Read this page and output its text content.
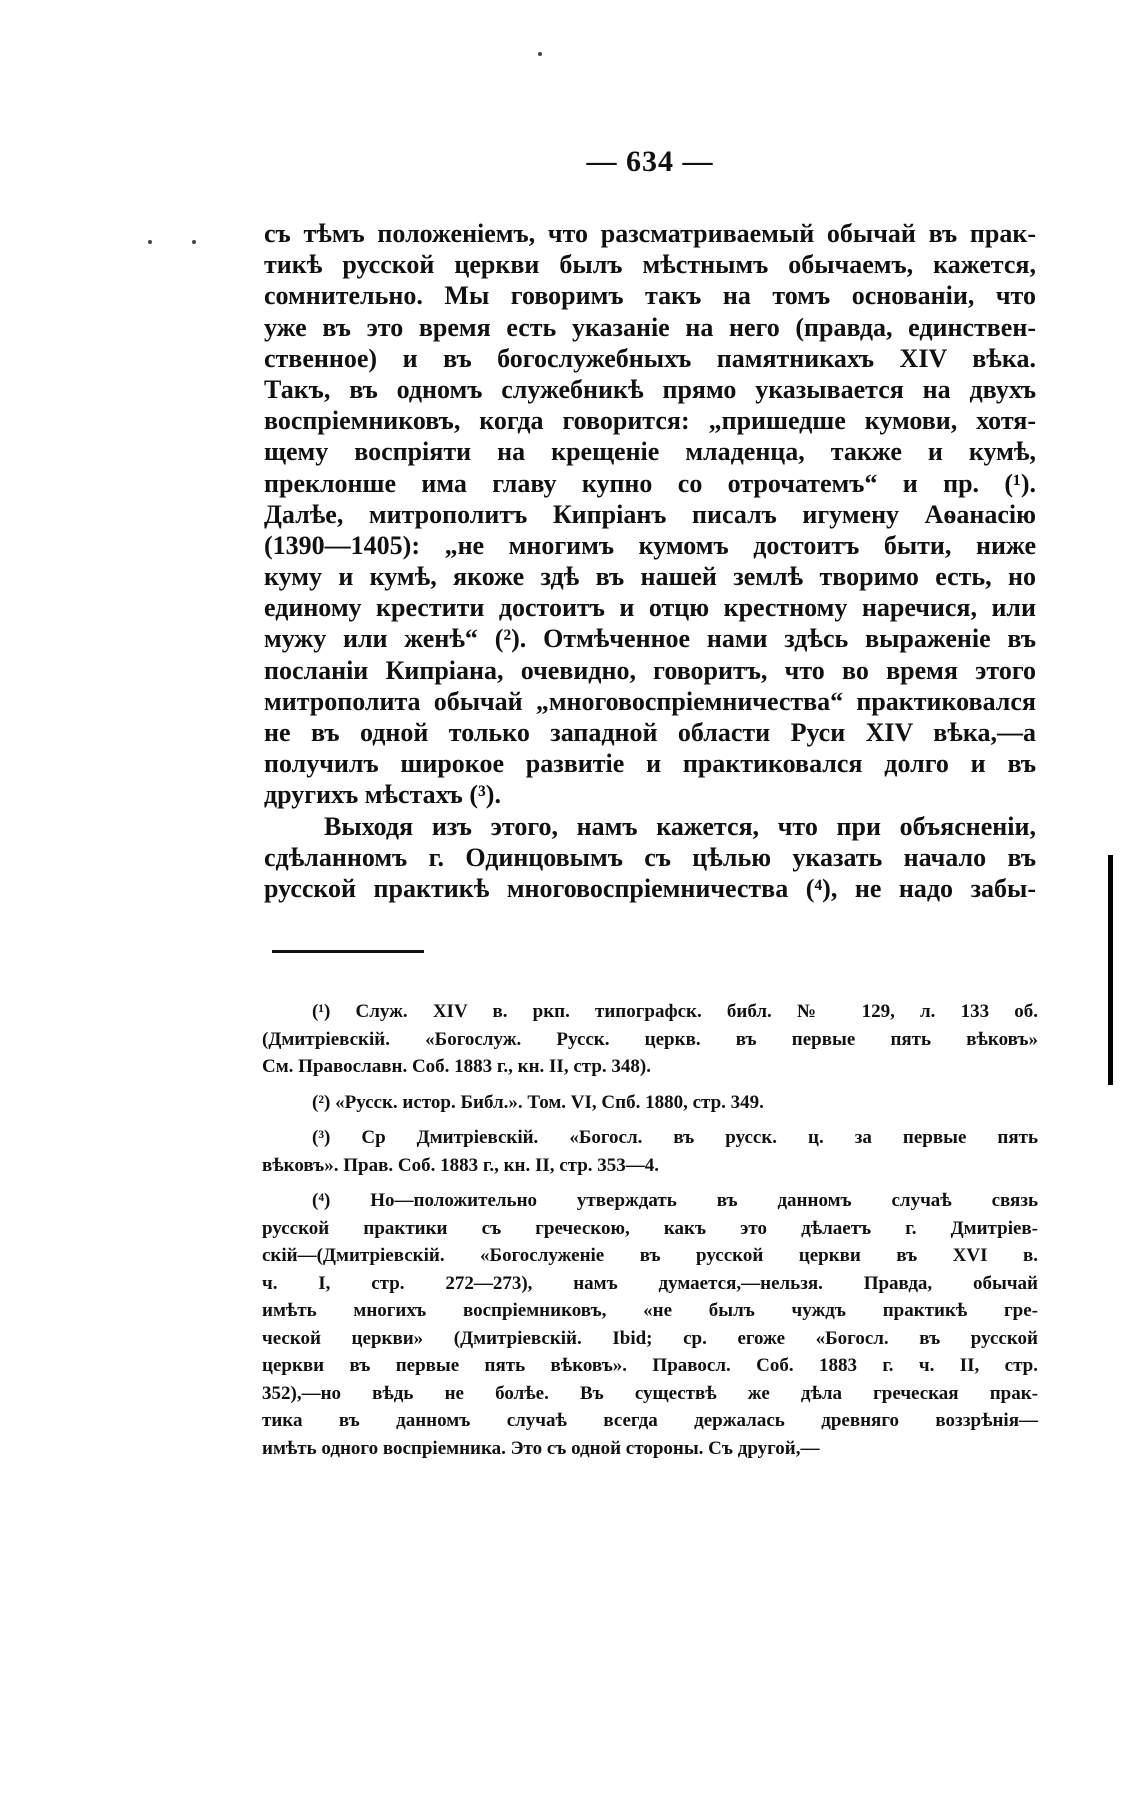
— 634 —
съ тѣмъ положеніемъ, что разсматриваемый обычай въ прак-
тикѣ русской церкви былъ мѣстнымъ обычаемъ, кажется,
сомнительно. Мы говоримъ такъ на томъ основаніи, что
уже въ это время есть указаніе на него (правда, единствен-
ственное) и въ богослужебныхъ памятникахъ XIV вѣка.
Такъ, въ одномъ служебникѣ прямо указывается на двухъ
воспріемниковъ, когда говорится: „пришедше кумови, хотя-
щему воспріяти на крещеніе младенца, также и кумѣ,
преклонше има главу купно со отрочатемъ“ и пр. (¹).
Далѣе, митрополитъ Кипріанъ писалъ игумену Аѳанасію
(1390—1405): „не многимъ кумомъ достоитъ быти, ниже
куму и кумѣ, якоже здѣ въ нашей землѣ творимо есть, но
единому крестити достоитъ и отцю крестному наречися, или
мужу или женѣ“ (²). Отмѣченное нами здѣсь выраженіе въ
посланіи Кипріана, очевидно, говоритъ, что во время этого
митрополита обычай „многовоспріемничества“ практиковался
не въ одной только западной области Руси XIV вѣка,—а
получилъ широкое развитіе и практиковался долго и въ
другихъ мѣстахъ (³).
Выходя изъ этого, намъ кажется, что при объясненіи,
сдѣланномъ г. Одинцовымъ съ цѣлью указать начало въ
русской практикѣ многовоспріемничества (⁴), не надо забы-
(¹) Служ. XIV в. ркп. типографск. библ. № 129, л. 133 об.
(Дмитріевскій. «Богослуж. Русск. церкв. въ первые пять вѣковъ»
См. Православн. Соб. 1883 г., кн. II, стр. 348).
(²) «Русск. истор. Библ.». Том. VI, Спб. 1880, стр. 349.
(³) Ср Дмитріевскій. «Богосл. въ русск. ц. за первые пять
вѣковъ». Прав. Соб. 1883 г., кн. II, стр. 353—4.
(⁴) Но—положительно утверждать въ данномъ случаѣ связь
русской практики съ греческою, какъ это дѣлаетъ г. Дмитріев-
скій—(Дмитріевскій. «Богослуженіе въ русской церкви въ XVI в.
ч. I, стр. 272—273), намъ думается,—нельзя. Правда, обычай
имѣть многихъ воспріемниковъ, «не былъ чуждъ практикѣ гре-
ческой церкви» (Дмитріевскій. Ibid; ср. егоже «Богосл. въ русской
церкви въ первые пять вѣковъ». Правосл. Соб. 1883 г. ч. II, стр.
352),—но вѣдь не болѣе. Въ существѣ же дѣла греческая прак-
тика въ данномъ случаѣ всегда держалась древняго воззрѣнія—
имѣть одного воспріемника. Это съ одной стороны. Съ другой,—
